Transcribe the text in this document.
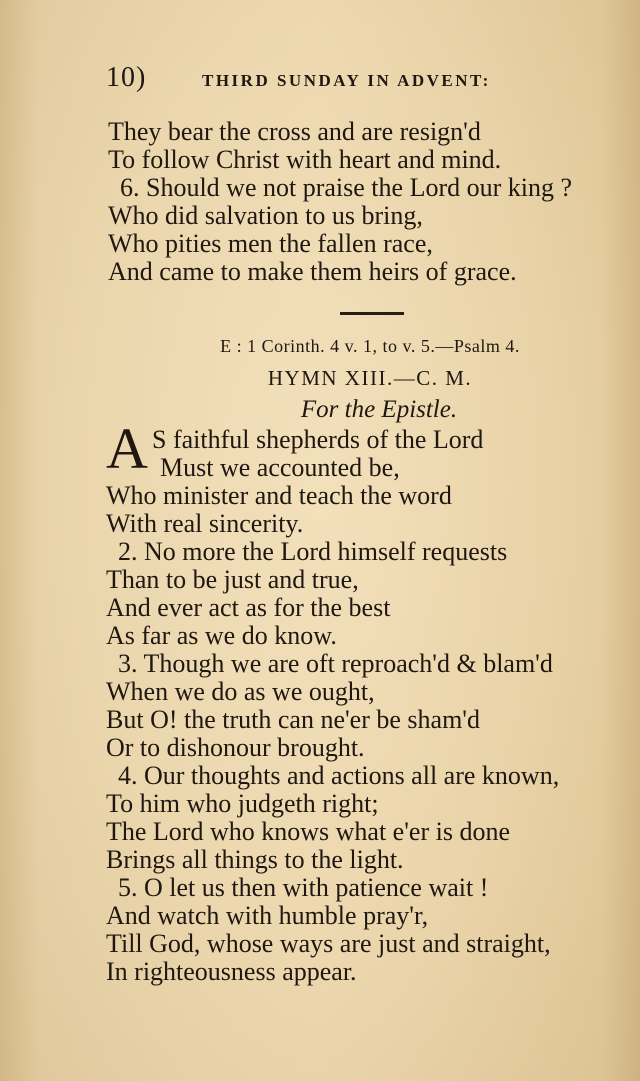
10)	THIRD SUNDAY IN ADVENT:
They bear the cross and are resign'd
To follow Christ with heart and mind.
6. Should we not praise the Lord our king ?
Who did salvation to us bring,
Who pities men the fallen race,
And came to make them heirs of grace.
E : 1 Corinth. 4 v. 1, to v. 5.—Psalm 4.
HYMN XIII.—C. M.
For the Epistle.
A S faithful shepherds of the Lord
Must we accounted be,
Who minister and teach the word
With real sincerity.
2. No more the Lord himself requests
Than to be just and true,
And ever act as for the best
As far as we do know.
3. Though we are oft reproach'd & blam'd
When we do as we ought,
But O! the truth can ne'er be sham'd
Or to dishonour brought.
4. Our thoughts and actions all are known,
To him who judgeth right;
The Lord who knows what e'er is done
Brings all things to the light.
5. O let us then with patience wait !
And watch with humble pray'r,
Till God, whose ways are just and straight,
In righteousness appear.
